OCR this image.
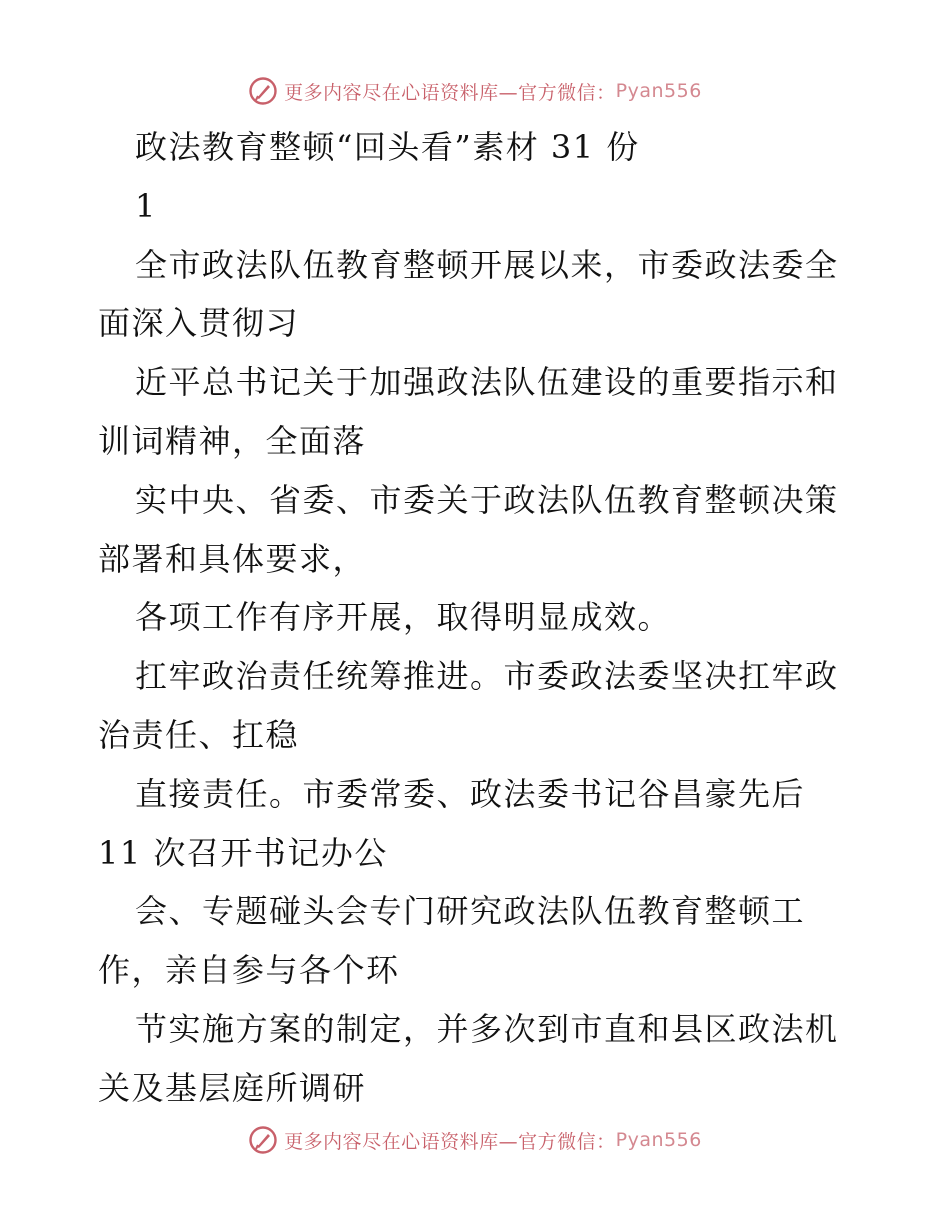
更多内容尽在心语资料库—官方微信： Pyan556
政法教育整顿“回头看”素材 31 份
1
全市政法队伍教育整顿开展以来，市委政法委全
面深入贯彻习
近平总书记关于加强政法队伍建设的重要指示和
训词精神，全面落
实中央、省委、市委关于政法队伍教育整顿决策
部署和具体要求，
各项工作有序开展，取得明显成效。
扛牢政治责任统筹推进。市委政法委坚决扛牢政
治责任、扛稳
直接责任。市委常委、政法委书记谷昌豪先后
11 次召开书记办公
会、专题碰头会专门研究政法队伍教育整顿工
作，亲自参与各个环
节实施方案的制定，并多次到市直和县区政法机
关及基层庭所调研
更多内容尽在心语资料库—官方微信： Pyan556
